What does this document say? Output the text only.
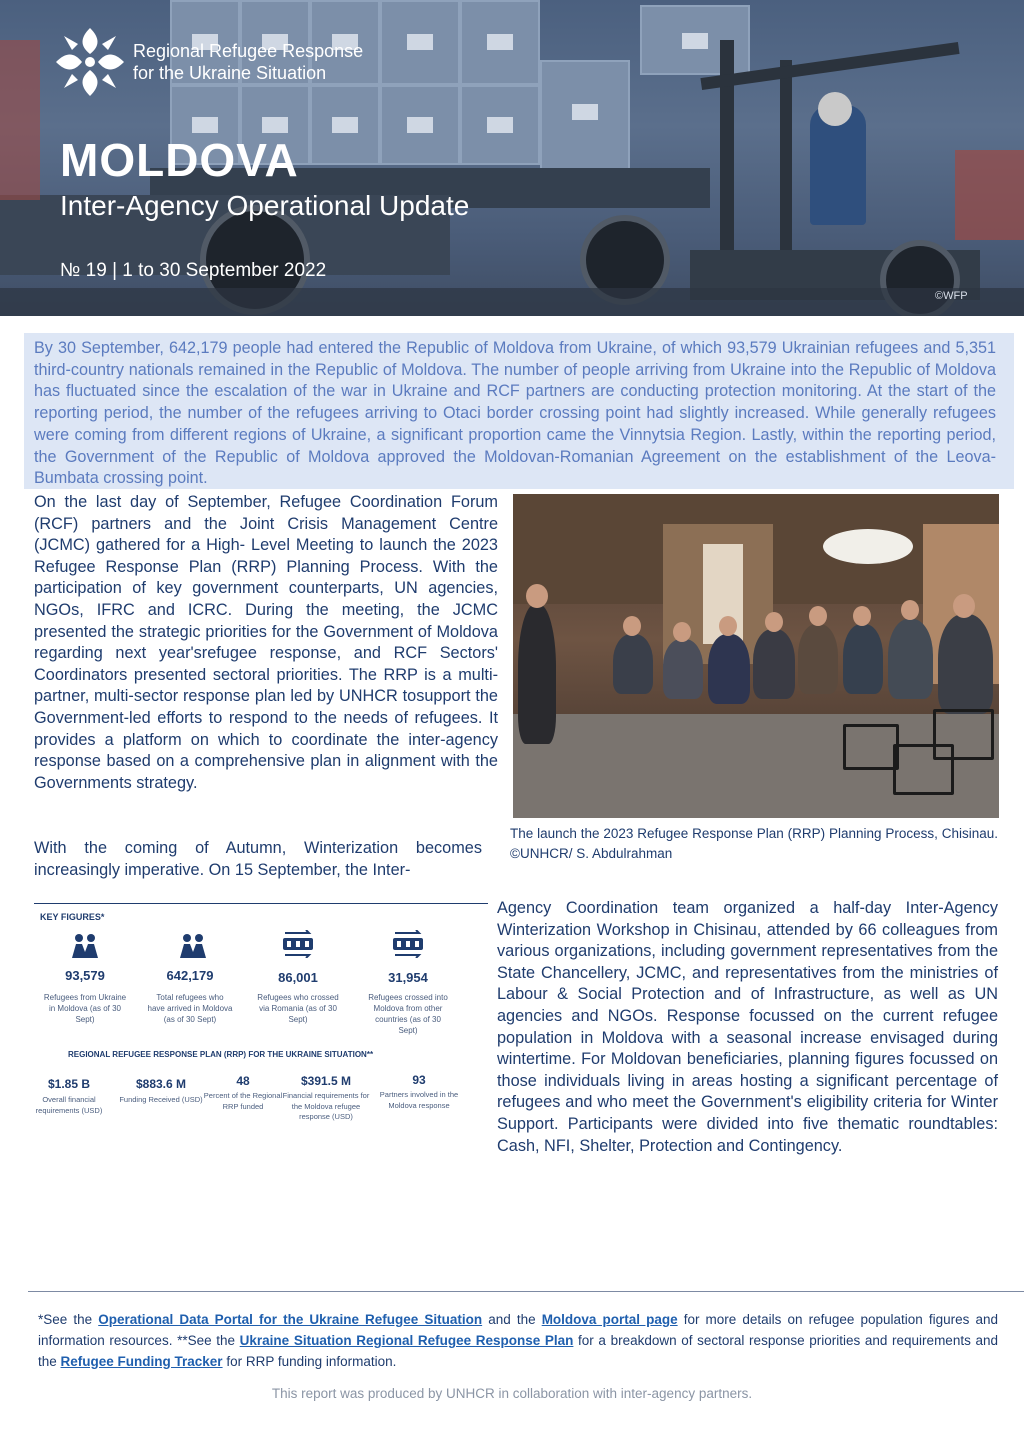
Regional Refugee Response
for the Ukraine Situation
MOLDOVA
Inter-Agency Operational Update
№ 19 | 1 to 30 September 2022
©WFP

By 30 September, 642,179 people had entered the Republic of Moldova from Ukraine, of which 93,579 Ukrainian refugees and 5,351 third-country nationals remained in the Republic of Moldova. The number of people arriving from Ukraine into the Republic of Moldova has fluctuated since the escalation of the war in Ukraine and RCF partners are conducting protection monitoring. At the start of the reporting period, the number of the refugees arriving to Otaci border crossing point had slightly increased. While generally refugees were coming from different regions of Ukraine, a significant proportion came the Vinnytsia Region. Lastly, within the reporting period, the Government of the Republic of Moldova approved the Moldovan-Romanian Agreement on the establishment of the Leova-Bumbata crossing point.

On the last day of September, Refugee Coordination Forum (RCF) partners and the Joint Crisis Management Centre (JCMC) gathered for a High- Level Meeting to launch the 2023 Refugee Response Plan (RRP) Planning Process. With the participation of key government counterparts, UN agencies, NGOs, IFRC and ICRC. During the meeting, the JCMC presented the strategic priorities for the Government of Moldova regarding next year'srefugee response, and RCF Sectors' Coordinators presented sectoral priorities. The RRP is a multi-partner, multi-sector response plan led by UNHCR tosupport the Government-led efforts to respond to the needs of refugees. It provides a platform on which to coordinate the inter-agency response based on a comprehensive plan in alignment with the Governments strategy.

With the coming of Autumn, Winterization becomes increasingly imperative. On 15 September, the Inter-

The launch the 2023 Refugee Response Plan (RRP) Planning Process, Chisinau. ©UNHCR/ S. Abdulrahman
KEY FIGURES*
93,579
Refugees from Ukraine in Moldova (as of 30 Sept)
642,179
Total refugees who have arrived in Moldova (as of 30 Sept)
86,001
Refugees who crossed via Romania (as of 30 Sept)
31,954
Refugees crossed into Moldova from other countries (as of 30 Sept)
REGIONAL REFUGEE RESPONSE PLAN (RRP) FOR THE UKRAINE SITUATION**
$1.85 B
Overall financial requirements (USD)
$883.6 M
Funding Received (USD)
48
Percent of the Regional RRP funded
$391.5 M
Financial requirements for the Moldova refugee response (USD)
93
Partners involved in the Moldova response

Agency Coordination team organized a half-day Inter-Agency Winterization Workshop in Chisinau, attended by 66 colleagues from various organizations, including government representatives from the State Chancellery, JCMC, and representatives from the ministries of Labour & Social Protection and of Infrastructure, as well as UN agencies and NGOs. Response focussed on the current refugee population in Moldova with a seasonal increase envisaged during wintertime. For Moldovan beneficiaries, planning figures focussed on those individuals living in areas hosting a significant percentage of refugees and who meet the Government's eligibility criteria for Winter Support. Participants were divided into five thematic roundtables: Cash, NFI, Shelter, Protection and Contingency.

*See the Operational Data Portal for the Ukraine Refugee Situation and the Moldova portal page for more details on refugee population figures and information resources. **See the Ukraine Situation Regional Refugee Response Plan for a breakdown of sectoral response priorities and requirements and the Refugee Funding Tracker for RRP funding information.

This report was produced by UNHCR in collaboration with inter-agency partners.
